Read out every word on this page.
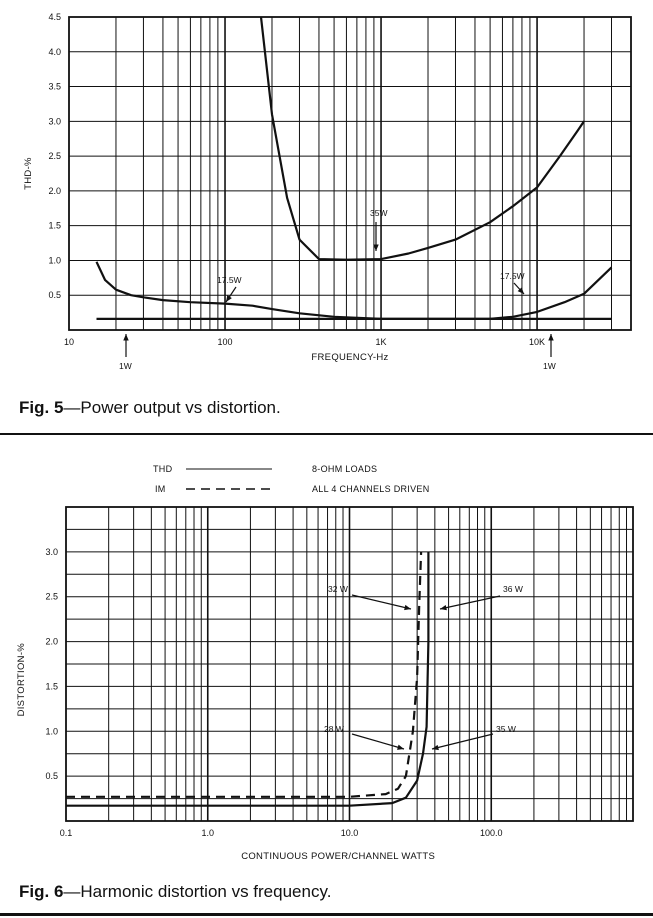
0.5
1.0
1.5
2.0
2.5
3.0
3.5
4.0
4.5
10	100	1K	10K
FREQUENCY-Hz
THD-%
35W
17.5W	17.5W
1W	1W
0.5
1.0
1.5
2.0
2.5
3.0
0.1	1.0	10.0	100.0
CONTINUOUS POWER/CHANNEL WATTS
DISTORTION-%
THD
IM
8-OHM LOADS
ALL 4 CHANNELS DRIVEN
32 W	36 W
28 W	35 W
Fig. 5—Power output vs distortion.
Fig. 6—Harmonic distortion vs frequency.
